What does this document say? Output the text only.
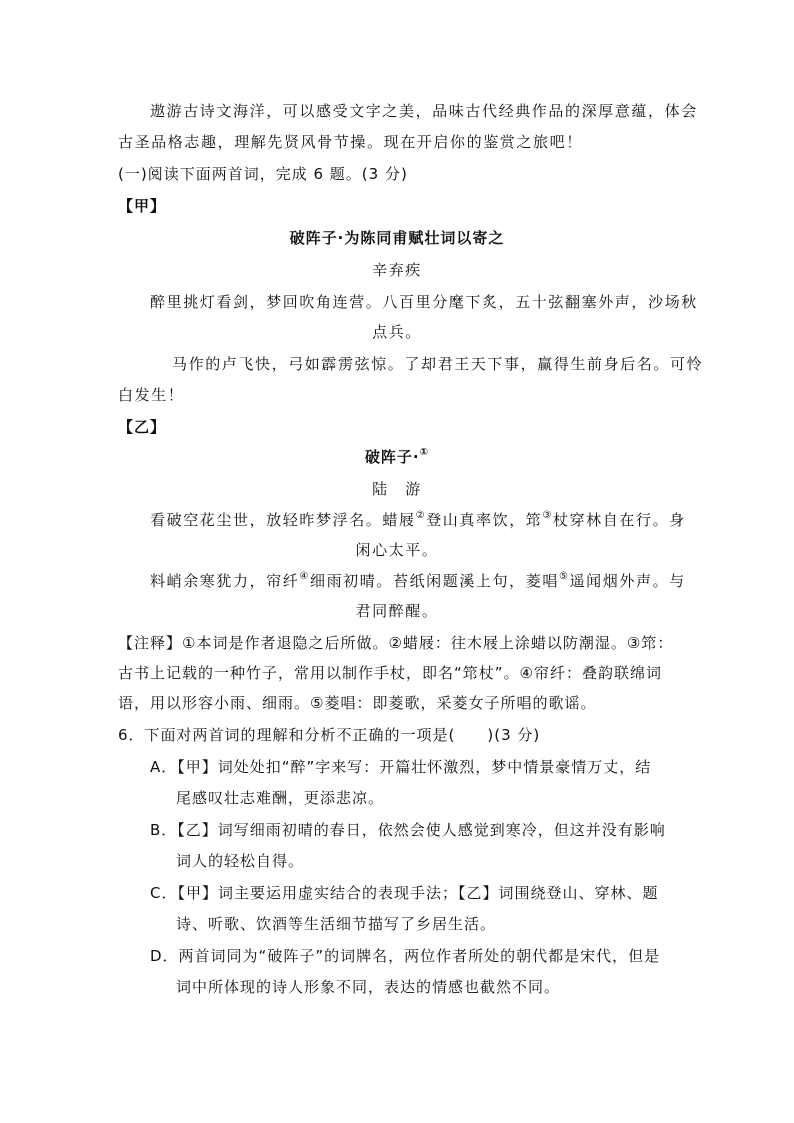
遨游古诗文海洋，可以感受文字之美，品味古代经典作品的深厚意蕴，体会
古圣品格志趣，理解先贤风骨节操。现在开启你的鉴赏之旅吧！
(一)阅读下面两首词，完成 6 题。(3 分)
【甲】
破阵子·为陈同甫赋壮词以寄之
辛弃疾
醉里挑灯看剑，梦回吹角连营。八百里分麾下炙，五十弦翻塞外声，沙场秋
点兵。
马作的卢飞快，弓如霹雳弦惊。了却君王天下事，赢得生前身后名。可怜
白发生！
【乙】
破阵子·①
陆　游
看破空花尘世，放轻昨梦浮名。蜡屐②登山真率饮，筇③杖穿林自在行。身
闲心太平。
料峭余寒犹力，帘纤④细雨初晴。苔纸闲题溪上句，菱唱⑤遥闻烟外声。与
君同醉醒。
【注释】①本词是作者退隐之后所做。②蜡屐：往木屐上涂蜡以防潮湿。③筇：
古书上记载的一种竹子，常用以制作手杖，即名“筇杖”。④帘纤：叠韵联绵词
语，用以形容小雨、细雨。⑤菱唱：即菱歌，采菱女子所唱的歌谣。
6．下面对两首词的理解和分析不正确的一项是(　　)(3 分)
A．【甲】词处处扣“醉”字来写：开篇壮怀激烈，梦中情景豪情万丈，结
尾感叹壮志难酬，更添悲凉。
B．【乙】词写细雨初晴的春日，依然会使人感觉到寒冷，但这并没有影响
词人的轻松自得。
C．【甲】词主要运用虚实结合的表现手法；【乙】词围绕登山、穿林、题
诗、听歌、饮酒等生活细节描写了乡居生活。
D．两首词同为“破阵子”的词牌名，两位作者所处的朝代都是宋代，但是
词中所体现的诗人形象不同，表达的情感也截然不同。
